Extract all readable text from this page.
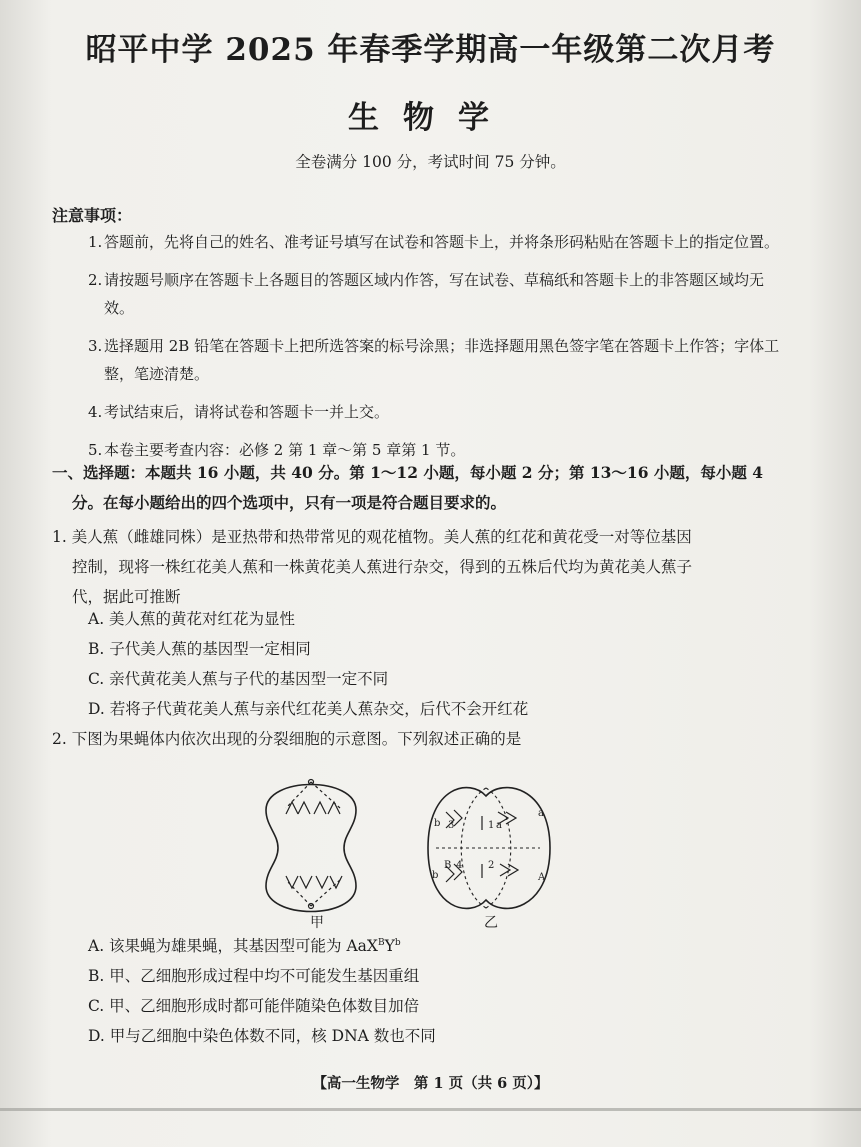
昭平中学 2025 年春季学期高一年级第二次月考
生物学
全卷满分 100 分，考试时间 75 分钟。
注意事项：
1. 答题前，先将自己的姓名、准考证号填写在试卷和答题卡上，并将条形码粘贴在答题卡上的指定位置。
2. 请按题号顺序在答题卡上各题目的答题区域内作答，写在试卷、草稿纸和答题卡上的非答题区域均无效。
3. 选择题用 2B 铅笔在答题卡上把所选答案的标号涂黑；非选择题用黑色签字笔在答题卡上作答；字体工整，笔迹清楚。
4. 考试结束后，请将试卷和答题卡一并上交。
5. 本卷主要考查内容：必修 2 第 1 章～第 5 章第 1 节。
一、选择题：本题共 16 小题，共 40 分。第 1～12 小题，每小题 2 分；第 13～16 小题，每小题 4
分。在每小题给出的四个选项中，只有一项是符合题目要求的。
1. 美人蕉（雌雄同株）是亚热带和热带常见的观花植物。美人蕉的红花和黄花受一对等位基因
控制，现将一株红花美人蕉和一株黄花美人蕉进行杂交，得到的五株后代均为黄花美人蕉子
代，据此可推断
A. 美人蕉的黄花对红花为显性
B. 子代美人蕉的基因型一定相同
C. 亲代黄花美人蕉与子代的基因型一定不同
D. 若将子代黄花美人蕉与亲代红花美人蕉杂交，后代不会开红花
2. 下图为果蝇体内依次出现的分裂细胞的示意图。下列叙述正确的是
b 3	1 a
a
b
B 4	2
A
甲	乙
A. 该果蝇为雄果蝇，其基因型可能为 $AaX^BY^b$
B. 甲、乙细胞形成过程中均不可能发生基因重组
C. 甲、乙细胞形成时都可能伴随染色体数目加倍
D. 甲与乙细胞中染色体数不同，核 DNA 数也不同
【高一生物学　第 1 页（共 6 页）】
